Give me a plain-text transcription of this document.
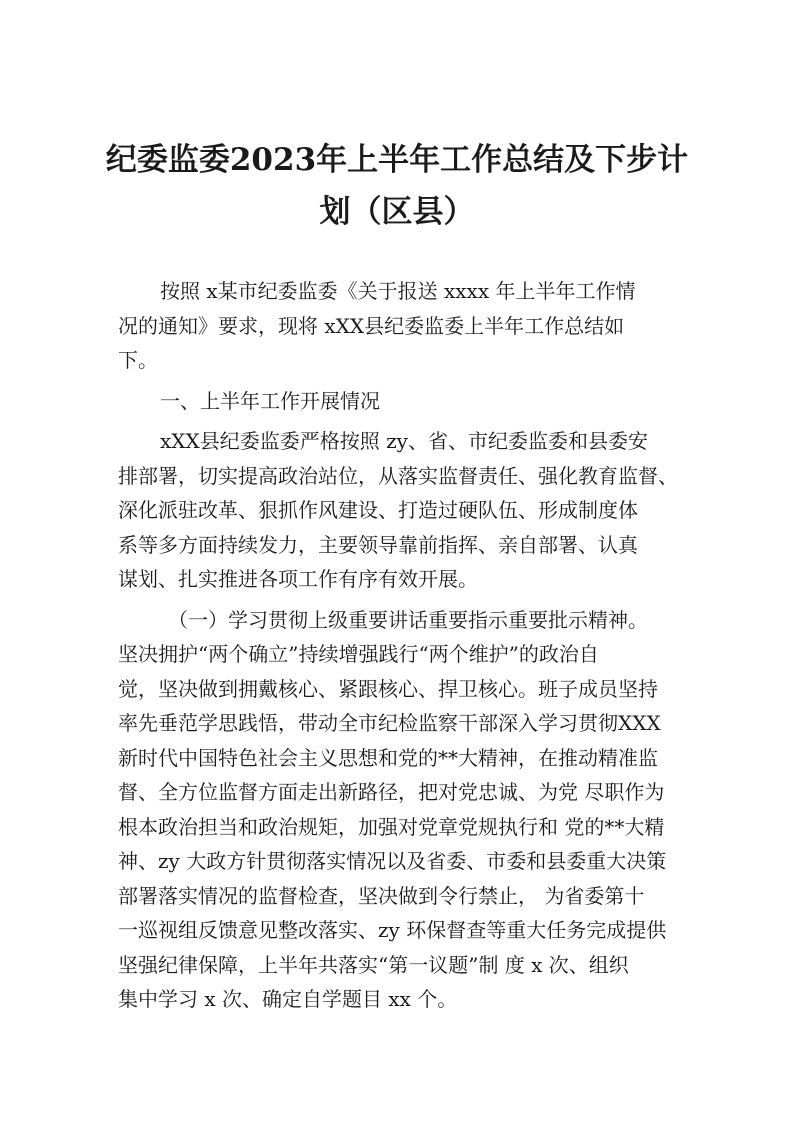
纪委监委2023年上半年工作总结及下步计
划（区县）
按照 x某市纪委监委《关于报送 xxxx 年上半年工作情
况的通知》要求，现将 xXX县纪委监委上半年工作总结如
下。
一、上半年工作开展情况
xXX县纪委监委严格按照 zy、省、市纪委监委和县委安
排部署，切实提高政治站位，从落实监督责任、强化教育监督、
深化派驻改革、狠抓作风建设、打造过硬队伍、形成制度体
系等多方面持续发力，主要领导靠前指挥、亲自部署、认真
谋划、扎实推进各项工作有序有效开展。
（一）学习贯彻上级重要讲话重要指示重要批示精神。
坚决拥护“两个确立”持续增强践行“两个维护”的政治自
觉，坚决做到拥戴核心、紧跟核心、捍卫核心。班子成员坚持
率先垂范学思践悟，带动全市纪检监察干部深入学习贯彻XXX
新时代中国特色社会主义思想和党的**大精神，在推动精准监
督、全方位监督方面走出新路径，把对党忠诚、为党 尽职作为
根本政治担当和政治规矩，加强对党章党规执行和 党的**大精
神、zy 大政方针贯彻落实情况以及省委、市委和县委重大决策
部署落实情况的监督检查，坚决做到令行禁止， 为省委第十
一巡视组反馈意见整改落实、zy 环保督查等重大任务完成提供
坚强纪律保障，上半年共落实“第一议题”制 度 x 次、组织
集中学习 x 次、确定自学题目 xx 个。
